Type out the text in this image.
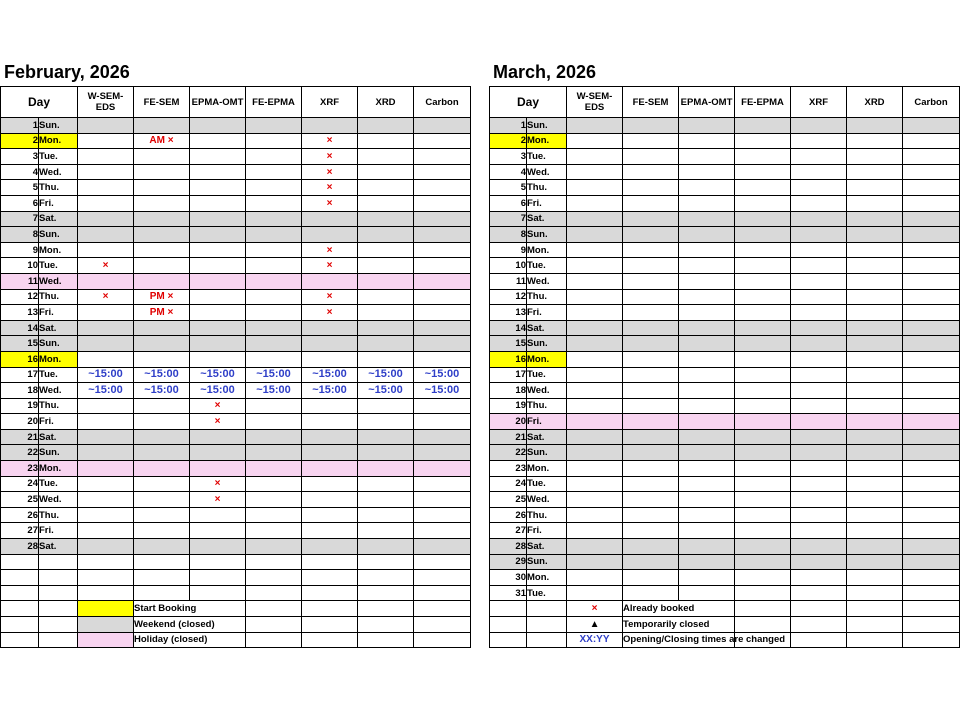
February, 2026
Day		W-SEM-EDS	FE-SEM	EPMA-OMT	FE-EPMA	XRF	XRD	Carbon
1	Sun.							
2	Mon.		AM ×			×		
3	Tue.					×		
4	Wed.					×		
5	Thu.					×		
6	Fri.					×		
7	Sat.							
8	Sun.							
9	Mon.					×		
10	Tue.	×				×		
11	Wed.							
12	Thu.	×	PM ×			×		
13	Fri.		PM ×			×		
14	Sat.							
15	Sun.							
16	Mon.							
17	Tue.	~15:00	~15:00	~15:00	~15:00	~15:00	~15:00	~15:00
18	Wed.	~15:00	~15:00	~15:00	~15:00	~15:00	~15:00	~15:00
19	Thu.			×				
20	Fri.			×				
21	Sat.							
22	Sun.							
23	Mon.							
24	Tue.			×				
25	Wed.			×				
26	Thu.							
27	Fri.							
28	Sat.							

			Start Booking					
			Weekend (closed)					
			Holiday (closed)					
March, 2026
Day		W-SEM-EDS	FE-SEM	EPMA-OMT	FE-EPMA	XRF	XRD	Carbon
1	Sun.							
2	Mon.							
3	Tue.							
4	Wed.							
5	Thu.							
6	Fri.							
7	Sat.							
8	Sun.							
9	Mon.							
10	Tue.							
11	Wed.							
12	Thu.							
13	Fri.							
14	Sat.							
15	Sun.							
16	Mon.							
17	Tue.							
18	Wed.							
19	Thu.							
20	Fri.							
21	Sat.							
22	Sun.							
23	Mon.							
24	Tue.							
25	Wed.							
26	Thu.							
27	Fri.							
28	Sat.							
29	Sun.							
30	Mon.							
31	Tue.							
		×	Already booked					
		▲	Temporarily closed					
		XX:YY	Opening/Closing times are changed					
